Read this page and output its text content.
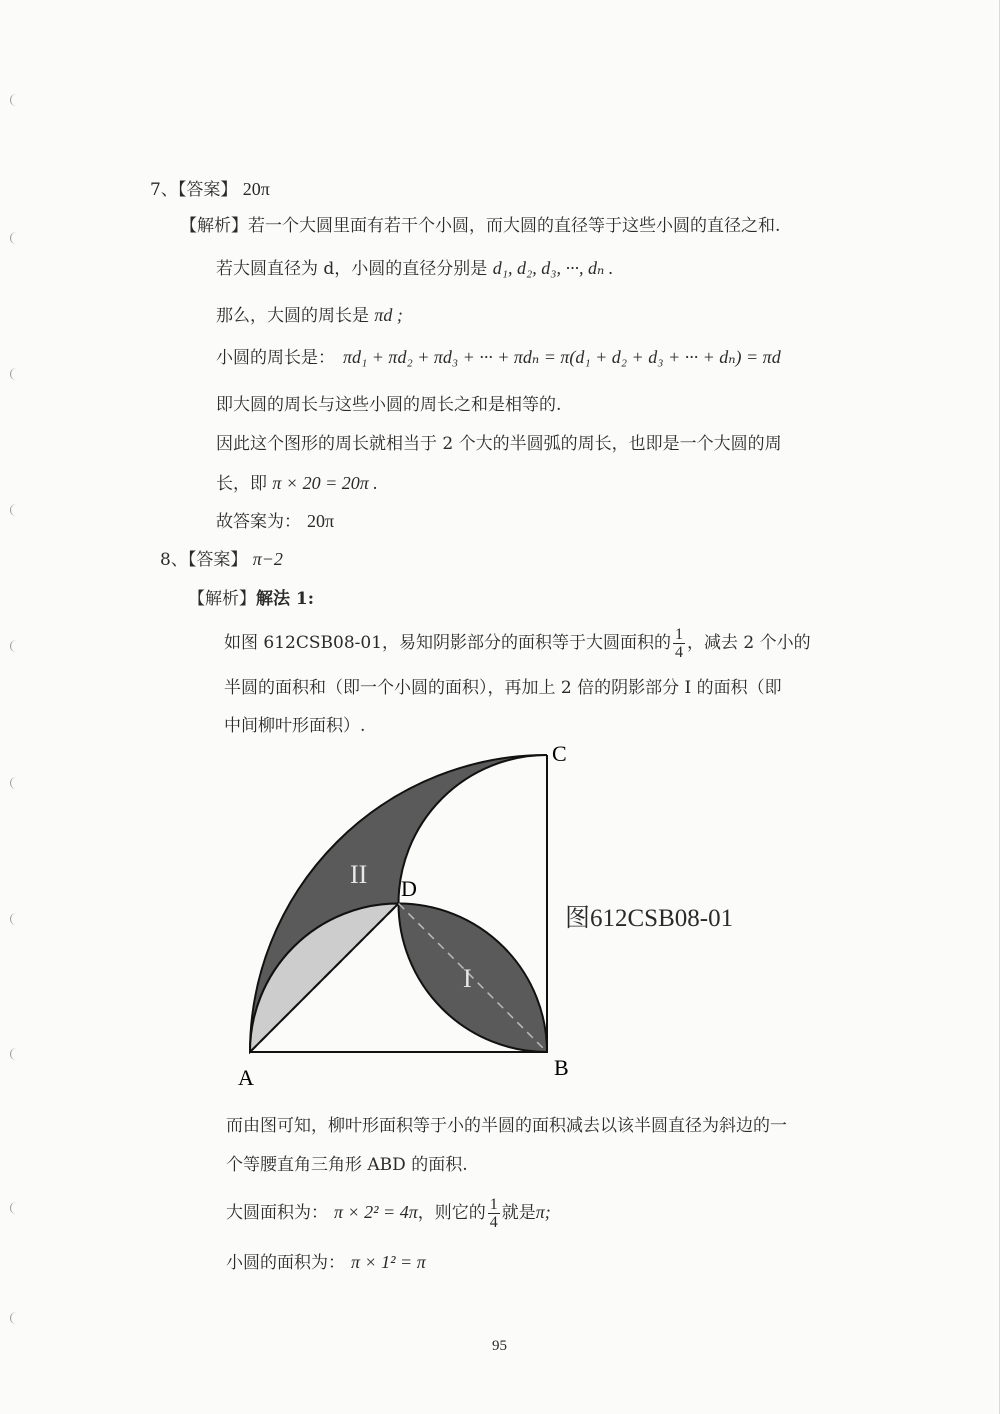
7、【答案】 20π
【解析】若一个大圆里面有若干个小圆，而大圆的直径等于这些小圆的直径之和.
若大圆直径为 d，小圆的直径分别是 d₁, d₂, d₃, ···, dₙ .
那么，大圆的周长是 πd ;
小圆的周长是： πd₁ + πd₂ + πd₃ + ··· + πdₙ = π(d₁ + d₂ + d₃ + ··· + dₙ) = πd
即大圆的周长与这些小圆的周长之和是相等的.
因此这个图形的周长就相当于 2 个大的半圆弧的周长，也即是一个大圆的周
长，即 π × 20 = 20π .
故答案为： 20π
8、【答案】 π−2
【解析】解法 1:
如图 612CSB08-01，易知阴影部分的面积等于大圆面积的 $\frac{1}{4}$ ，减去 2 个小的
半圆的面积和（即一个小圆的面积），再加上 2 倍的阴影部分 I 的面积（即
中间柳叶形面积）.
A	B
C
D
II
I
图612CSB08-01
而由图可知，柳叶形面积等于小的半圆的面积减去以该半圆直径为斜边的一
个等腰直角三角形 ABD 的面积.
大圆面积为： π × 2² = 4π，则它的 $\frac{1}{4}$ 就是π;
小圆的面积为： π × 1² = π
95
